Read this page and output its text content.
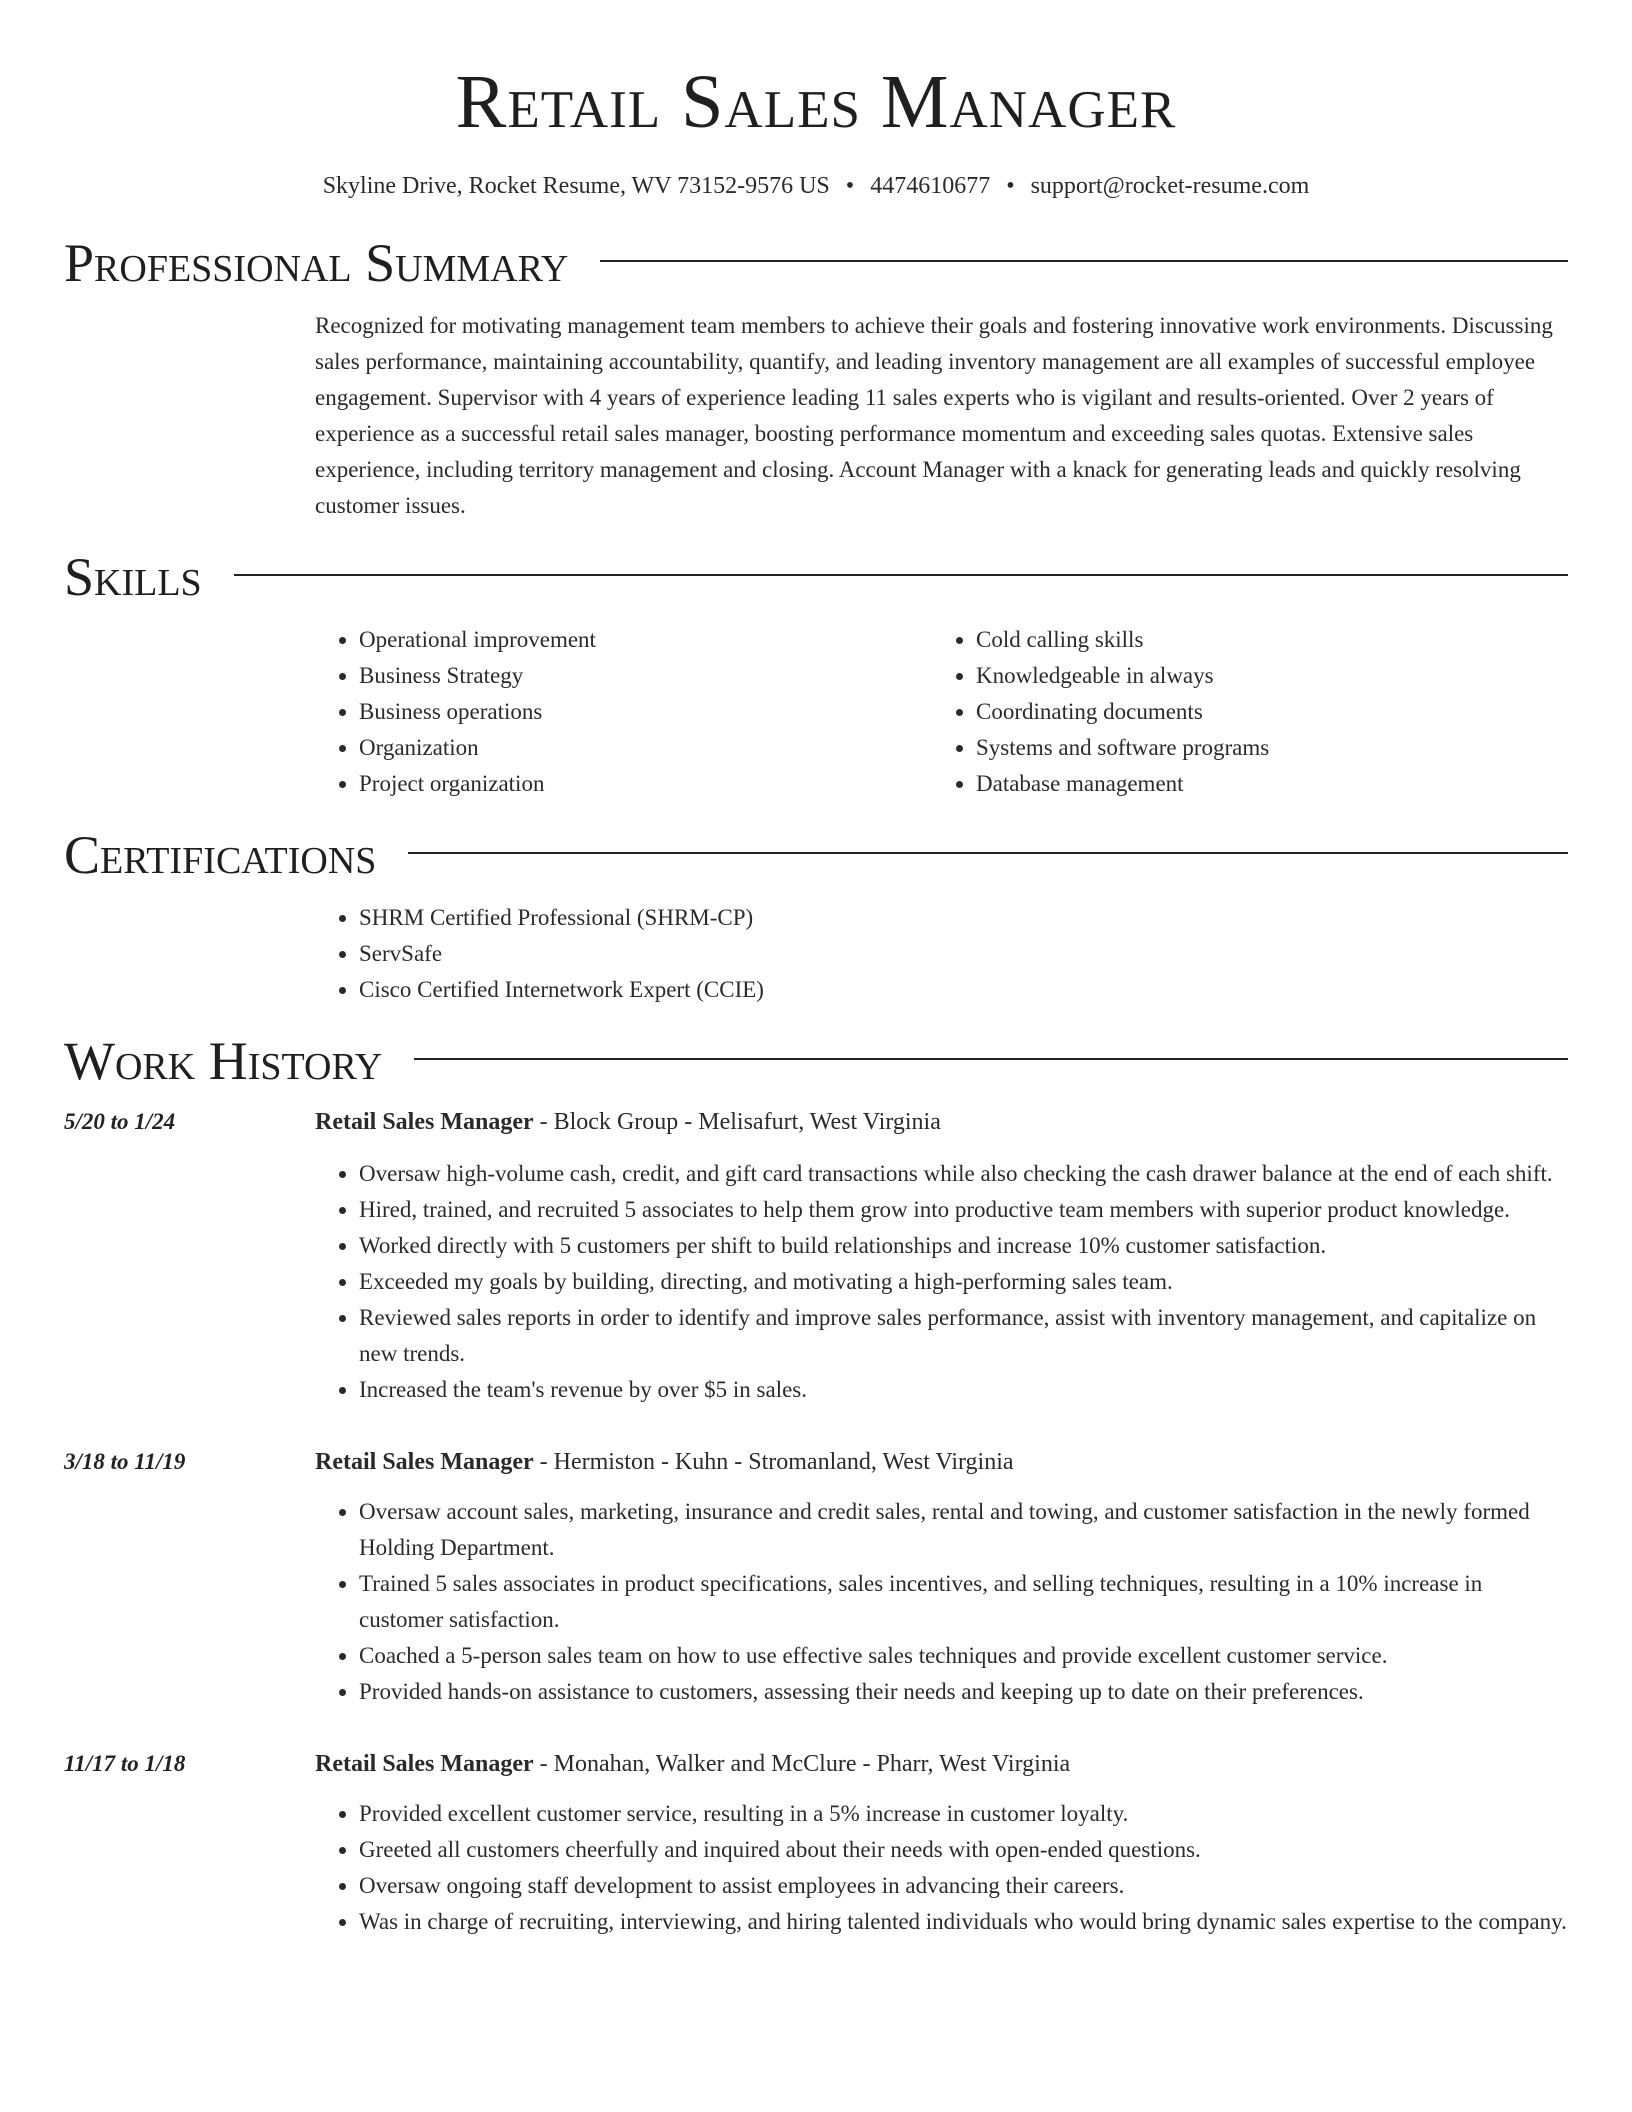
Retail Sales Manager
Skyline Drive, Rocket Resume, WV 73152-9576 US • 4474610677 • support@rocket-resume.com
Professional Summary

Recognized for motivating management team members to achieve their goals and fostering innovative work environments. Discussing sales performance, maintaining accountability, quantify, and leading inventory management are all examples of successful employee engagement. Supervisor with 4 years of experience leading 11 sales experts who is vigilant and results-oriented. Over 2 years of experience as a successful retail sales manager, boosting performance momentum and exceeding sales quotas. Extensive sales experience, including territory management and closing. Account Manager with a knack for generating leads and quickly resolving customer issues.

Skills
• Operational improvement
• Business Strategy
• Business operations
• Organization
• Project organization
• Cold calling skills
• Knowledgeable in always
• Coordinating documents
• Systems and software programs
• Database management
Certifications
• SHRM Certified Professional (SHRM-CP)
• ServSafe
• Cisco Certified Internetwork Expert (CCIE)
Work History
5/20 to 1/24	Retail Sales Manager - Block Group - Melisafurt, West Virginia
• Oversaw high-volume cash, credit, and gift card transactions while also checking the cash drawer balance at the end of each shift.
• Hired, trained, and recruited 5 associates to help them grow into productive team members with superior product knowledge.
• Worked directly with 5 customers per shift to build relationships and increase 10% customer satisfaction.
• Exceeded my goals by building, directing, and motivating a high-performing sales team.
• Reviewed sales reports in order to identify and improve sales performance, assist with inventory management, and capitalize on new trends.
• Increased the team's revenue by over $5 in sales.
3/18 to 11/19	Retail Sales Manager - Hermiston - Kuhn - Stromanland, West Virginia
• Oversaw account sales, marketing, insurance and credit sales, rental and towing, and customer satisfaction in the newly formed Holding Department.
• Trained 5 sales associates in product specifications, sales incentives, and selling techniques, resulting in a 10% increase in customer satisfaction.
• Coached a 5-person sales team on how to use effective sales techniques and provide excellent customer service.
• Provided hands-on assistance to customers, assessing their needs and keeping up to date on their preferences.
11/17 to 1/18	Retail Sales Manager - Monahan, Walker and McClure - Pharr, West Virginia
• Provided excellent customer service, resulting in a 5% increase in customer loyalty.
• Greeted all customers cheerfully and inquired about their needs with open-ended questions.
• Oversaw ongoing staff development to assist employees in advancing their careers.
• Was in charge of recruiting, interviewing, and hiring talented individuals who would bring dynamic sales expertise to the company.
